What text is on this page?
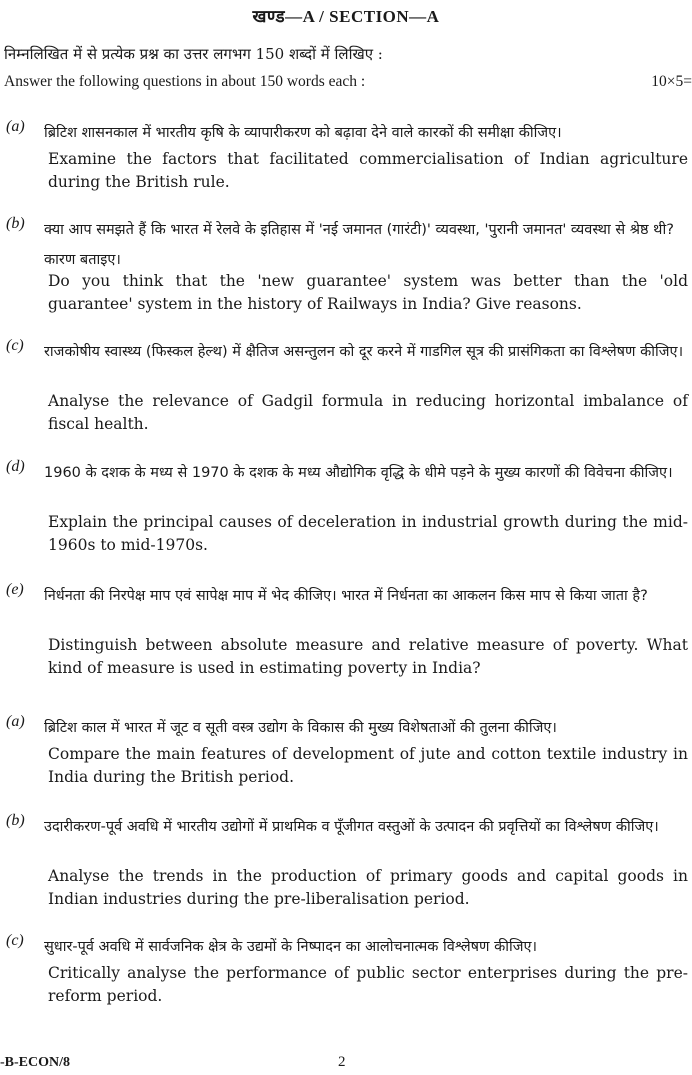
खण्ड—A / SECTION—A
निम्नलिखित में से प्रत्येक प्रश्न का उत्तर लगभग 150 शब्दों में लिखिए :
Answer the following questions in about 150 words each :	10×5=
(a) ब्रिटिश शासनकाल में भारतीय कृषि के व्यापारीकरण को बढ़ावा देने वाले कारकों की समीक्षा कीजिए।
Examine the factors that facilitated commercialisation of Indian agriculture during the British rule.
(b) क्या आप समझते हैं कि भारत में रेलवे के इतिहास में 'नई जमानत (गारंटी)' व्यवस्था, 'पुरानी जमानत' व्यवस्था से श्रेष्ठ थी? कारण बताइए।
Do you think that the 'new guarantee' system was better than the 'old guarantee' system in the history of Railways in India? Give reasons.
(c) राजकोषीय स्वास्थ्य (फिस्कल हेल्थ) में क्षैतिज असन्तुलन को दूर करने में गाडगिल सूत्र की प्रासंगिकता का विश्लेषण कीजिए।
Analyse the relevance of Gadgil formula in reducing horizontal imbalance of fiscal health.
(d) 1960 के दशक के मध्य से 1970 के दशक के मध्य औद्योगिक वृद्धि के धीमे पड़ने के मुख्य कारणों की विवेचना कीजिए।
Explain the principal causes of deceleration in industrial growth during the mid-1960s to mid-1970s.
(e) निर्धनता की निरपेक्ष माप एवं सापेक्ष माप में भेद कीजिए। भारत में निर्धनता का आकलन किस माप से किया जाता है?
Distinguish between absolute measure and relative measure of poverty. What kind of measure is used in estimating poverty in India?
(a) ब्रिटिश काल में भारत में जूट व सूती वस्त्र उद्योग के विकास की मुख्य विशेषताओं की तुलना कीजिए।
Compare the main features of development of jute and cotton textile industry in India during the British period.
(b) उदारीकरण-पूर्व अवधि में भारतीय उद्योगों में प्राथमिक व पूँजीगत वस्तुओं के उत्पादन की प्रवृत्तियों का विश्लेषण कीजिए।
Analyse the trends in the production of primary goods and capital goods in Indian industries during the pre-liberalisation period.
(c) सुधार-पूर्व अवधि में सार्वजनिक क्षेत्र के उद्यमों के निष्पादन का आलोचनात्मक विश्लेषण कीजिए।
Critically analyse the performance of public sector enterprises during the pre-reform period.
-B-ECON/8	2
